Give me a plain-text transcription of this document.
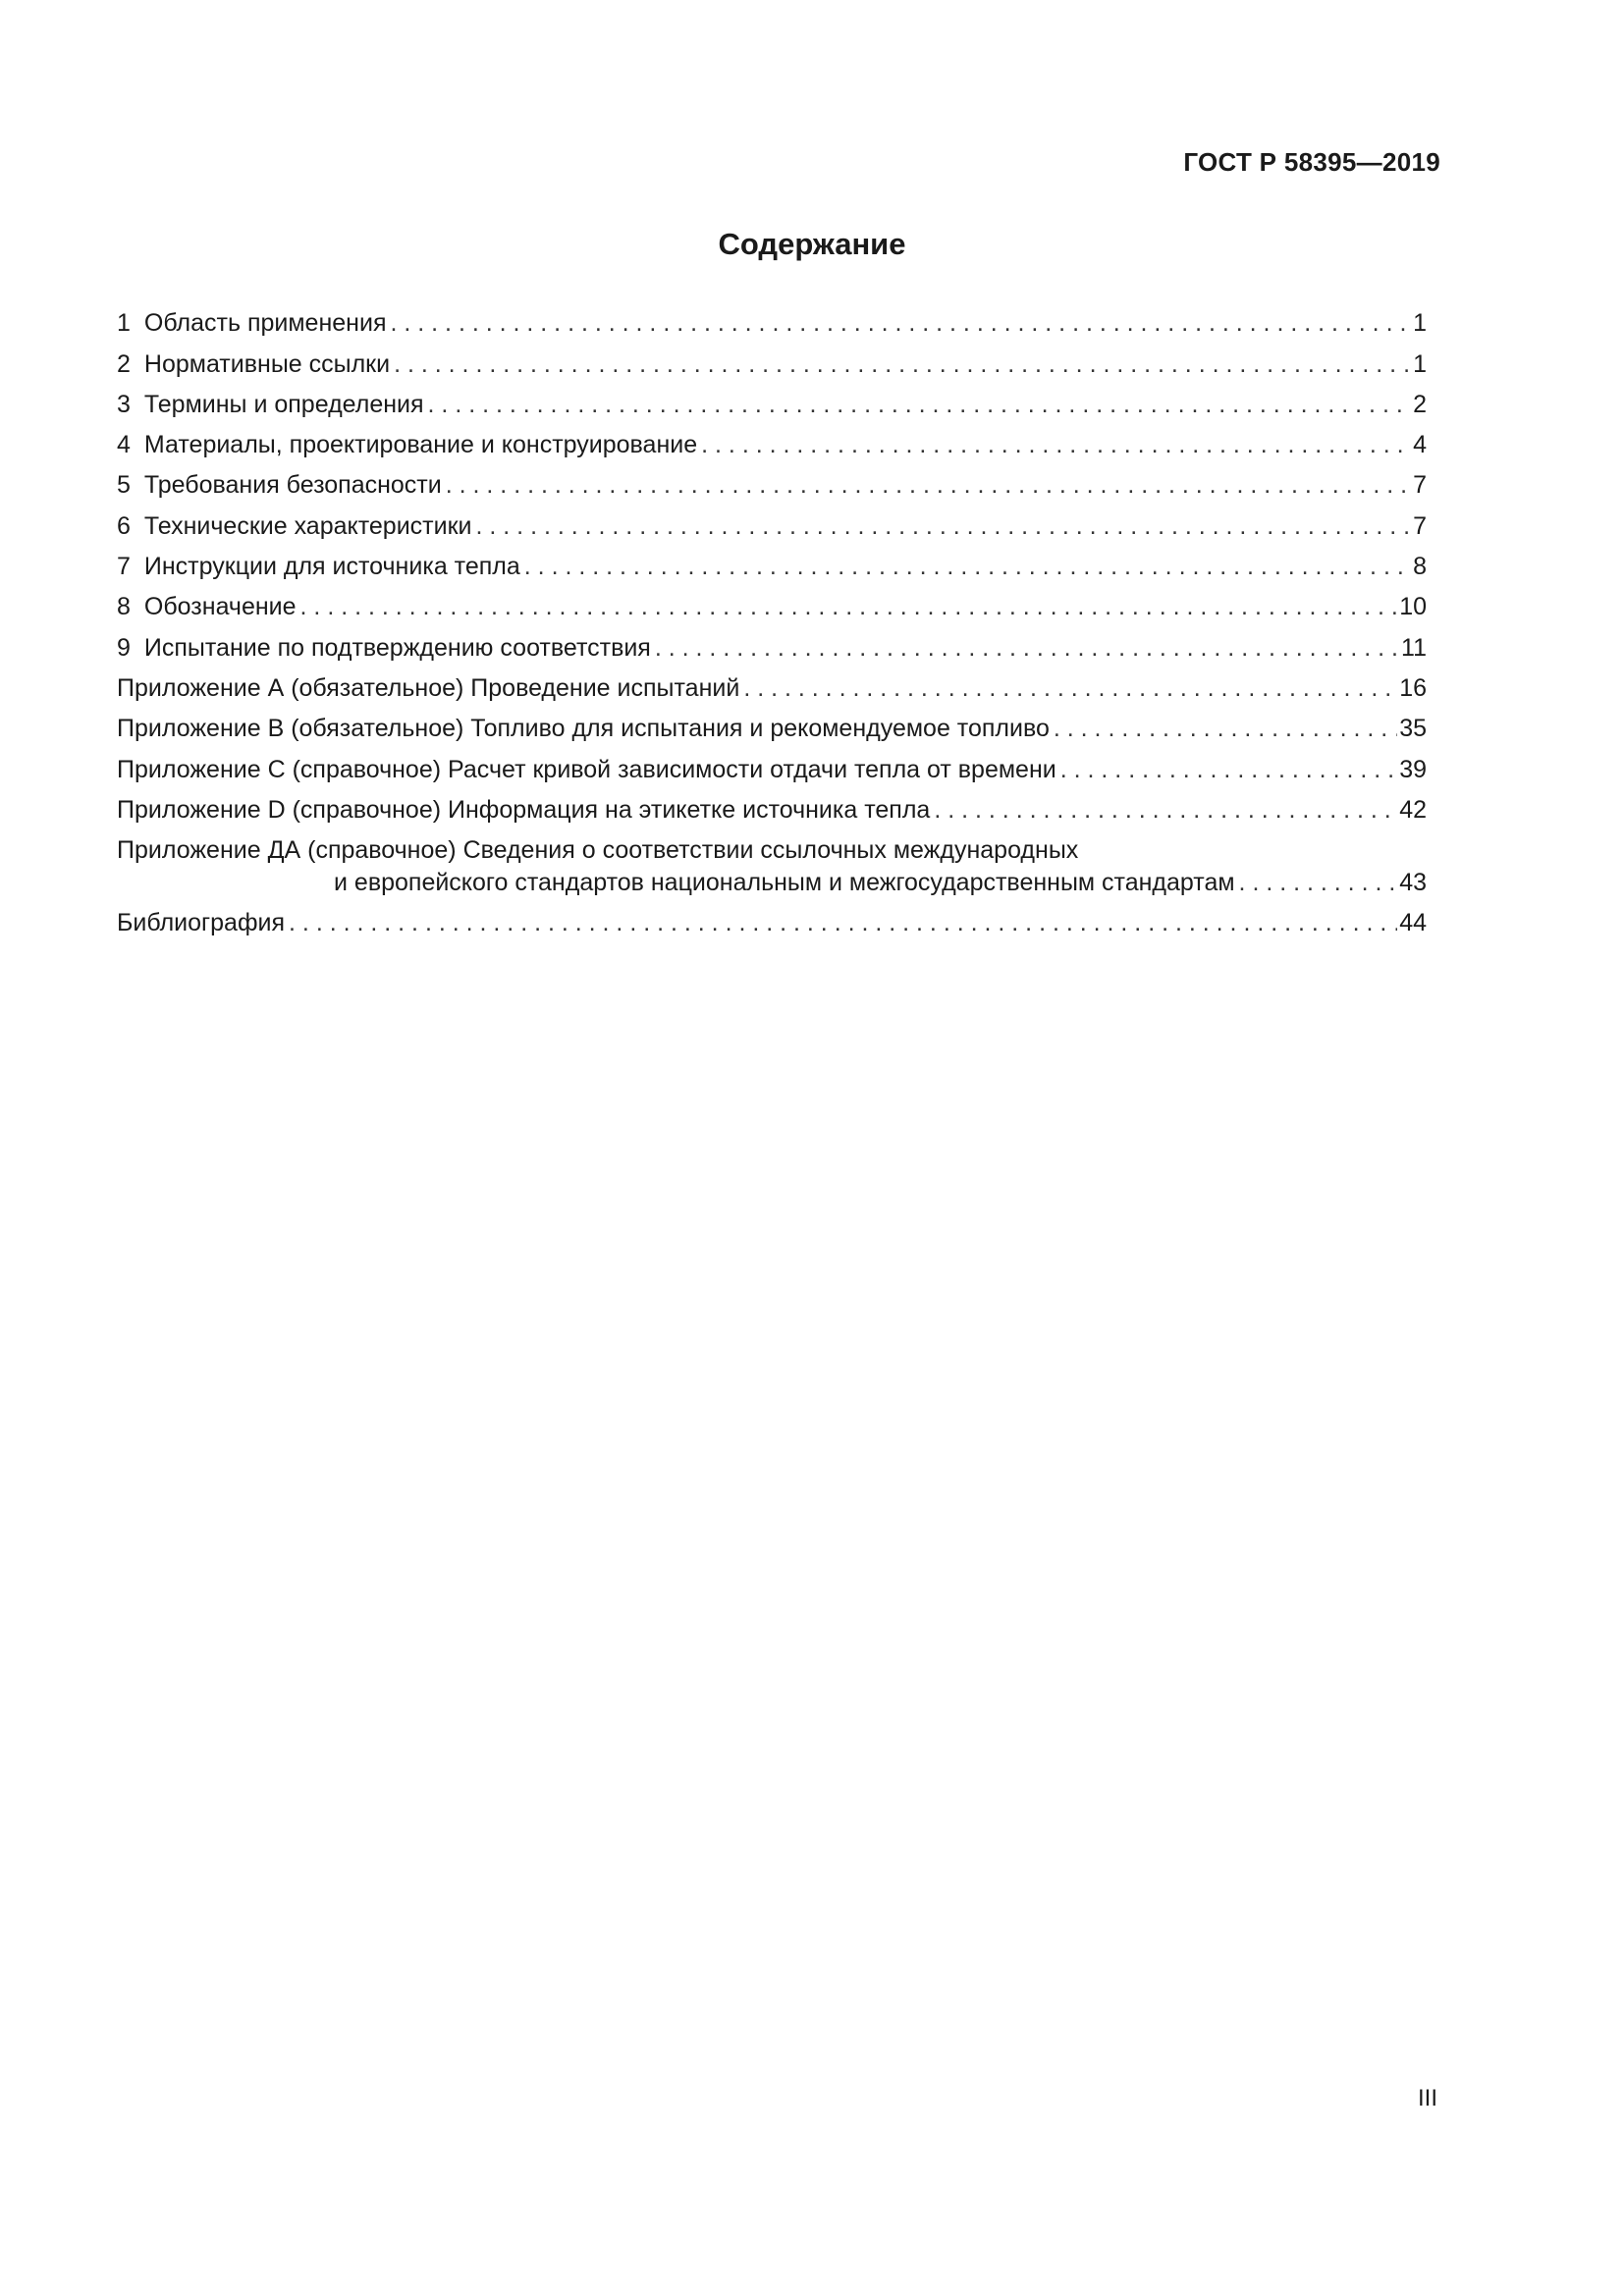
ГОСТ Р 58395—2019
Содержание
1 Область применения . . .	1
2 Нормативные ссылки . . .	1
3 Термины и определения . . .	2
4 Материалы, проектирование и конструирование . . .	4
5 Требования безопасности . . .	7
6 Технические характеристики . . .	7
7 Инструкции для источника тепла . . .	8
8 Обозначение . . .	10
9 Испытание по подтверждению соответствия . . .	11
Приложение А (обязательное) Проведение испытаний . . .	16
Приложение В (обязательное) Топливо для испытания и рекомендуемое топливо . . .	35
Приложение С (справочное) Расчет кривой зависимости отдачи тепла от времени . . .	39
Приложение D (справочное) Информация на этикетке источника тепла . . .	42
Приложение ДА (справочное) Сведения о соответствии ссылочных международных
и европейского стандартов национальным и межгосударственным стандартам . . .	43
Библиография . . .	44
III
